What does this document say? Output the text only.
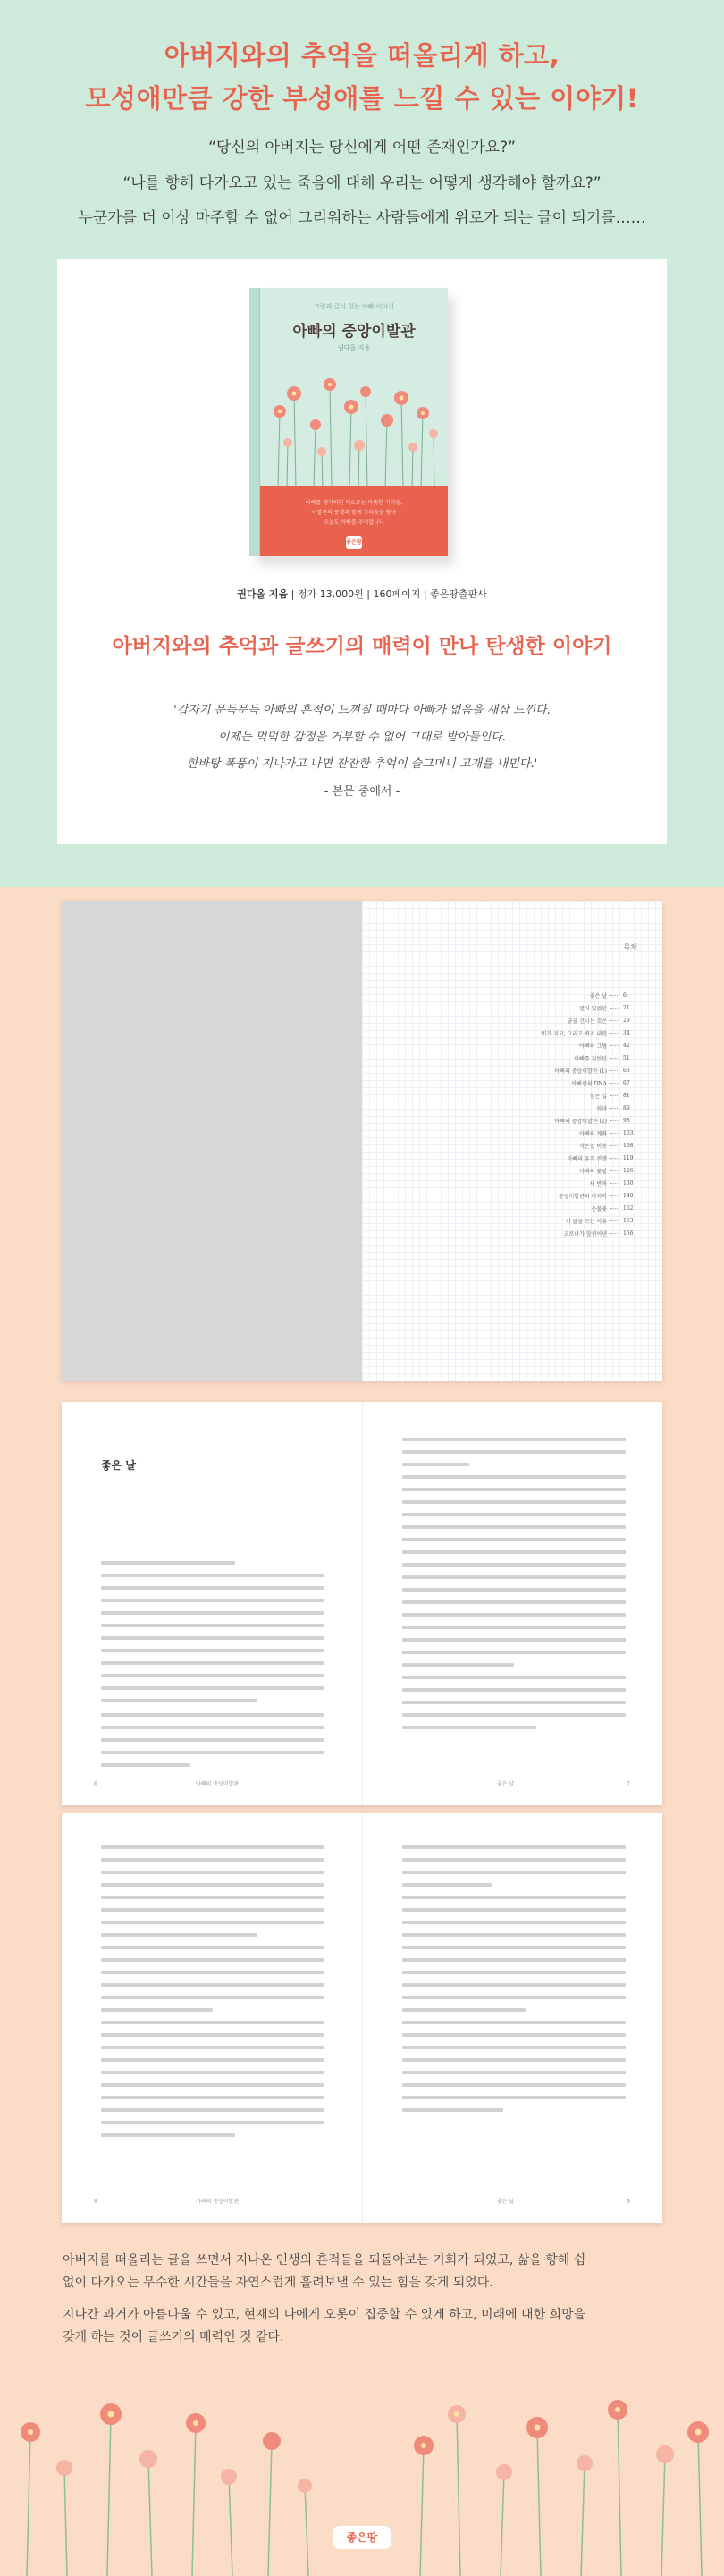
아버지와의 추억을 떠올리게 하고,
모성애만큼 강한 부성애를 느낄 수 있는 이야기!
“당신의 아버지는 당신에게 어떤 존재인가요?”
“나를 향해 다가오고 있는 죽음에 대해 우리는 어떻게 생각해야 할까요?”
누군가를 더 이상 마주할 수 없어 그리워하는 사람들에게 위로가 되는 글이 되기를……
그림과 글이 있는 아빠 이야기
아빠의 중앙이발관
권다올 지음
아빠를 생각하면 떠오르는 따뜻한 기억들,
이발관의 풍경과 함께 그리움을 담아
오늘도 아빠를 추억합니다
좋은땅
권다올 지음 | 정가 13,000원 | 160페이지 | 좋은땅출판사
아버지와의 추억과 글쓰기의 매력이 만나 탄생한 이야기
'갑자기 문득문득 아빠의 흔적이 느껴질 때마다 아빠가 없음을 새삼 느낀다.
이제는 먹먹한 감정을 거부할 수 없어 그대로 받아들인다.
한바탕 폭풍이 지나가고 나면 잔잔한 추억이 슬그머니 고개를 내민다.'
- 본문 중에서 -
목차
좋은 날	6
얼어 있었던	21
금을 건너는 것은	29
비가 지고, 그리고 벽지 내린	34
아빠의 그림	42
아빠를 걸었던	51
아빠의 중앙이발관 (1)	63
아빠만의 DNA	67
힘든 길	81
엄마	89
아빠의 중앙이발관 (2)	98
아빠의 계좌	103
작은집 이웃	108
아빠의 유작 전쟁	119
아빠의 꽃밭	126
새 반복	130
중앙이발관의 마지막	140
눈물꽃	152
이 글을 쓰는 이유	153
코로나가 할퀴어낸	156
좋은 날
6	아빠의 중앙이발관	좋은 날	7
8	아빠의 중앙이발관	좋은 날	9
아버지를 떠올리는 글을 쓰면서 지나온 인생의 흔적들을 되돌아보는 기회가 되었고, 삶을 향해 쉼
없이 다가오는 무수한 시간들을 자연스럽게 흘려보낼 수 있는 힘을 갖게 되었다.
지나간 과거가 아름다울 수 있고, 현재의 나에게 오롯이 집중할 수 있게 하고, 미래에 대한 희망을
갖게 하는 것이 글쓰기의 매력인 것 같다.
좋은땅
